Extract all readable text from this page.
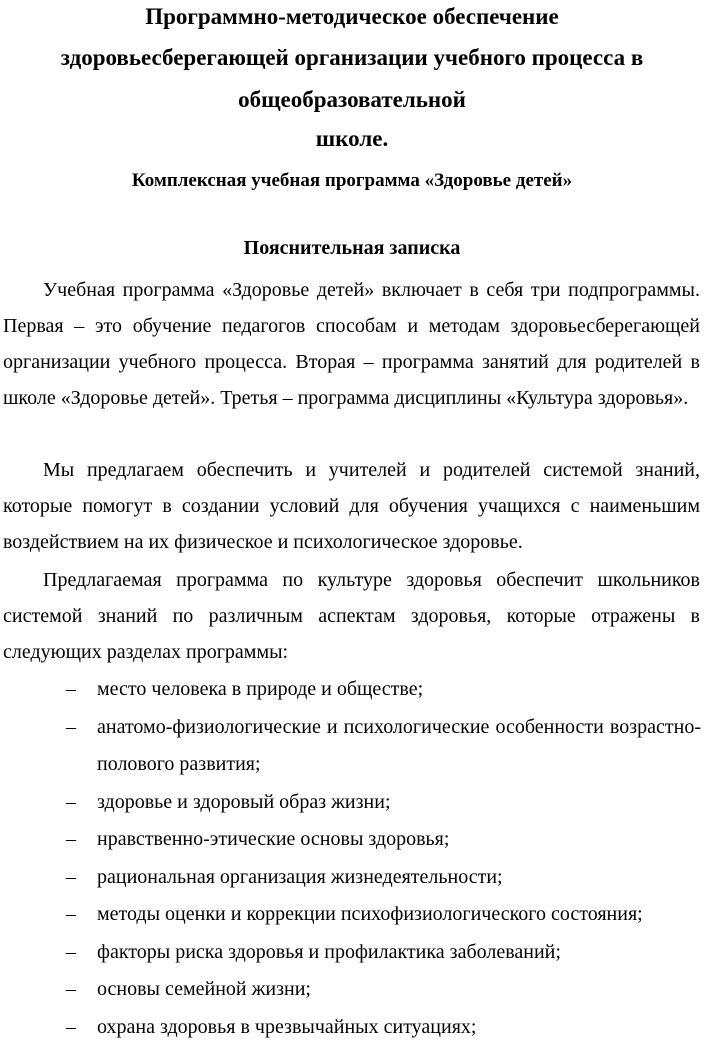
Программно-методическое обеспечение
здоровьесберегающей организации учебного процесса в
общеобразовательной
школе.
Комплексная учебная программа «Здоровье детей»
Пояснительная записка
Учебная программа «Здоровье детей» включает в себя три подпрограммы. Первая – это обучение педагогов способам и методам здоровьесберегающей организации учебного процесса. Вторая – программа занятий для родителей в школе «Здоровье детей». Третья – программа дисциплины «Культура здоровья».
Мы предлагаем обеспечить и учителей и родителей системой знаний, которые помогут в создании условий для обучения учащихся с наименьшим воздействием на их физическое и психологическое здоровье.
Предлагаемая программа по культуре здоровья обеспечит школьников системой знаний по различным аспектам здоровья, которые отражены в следующих разделах программы:
– место человека в природе и обществе;
– анатомо-физиологические и психологические особенности возрастно-полового развития;
– здоровье и здоровый образ жизни;
– нравственно-этические основы здоровья;
– рациональная организация жизнедеятельности;
– методы оценки и коррекции психофизиологического состояния;
– факторы риска здоровья и профилактика заболеваний;
– основы семейной жизни;
– охрана здоровья в чрезвычайных ситуациях;
